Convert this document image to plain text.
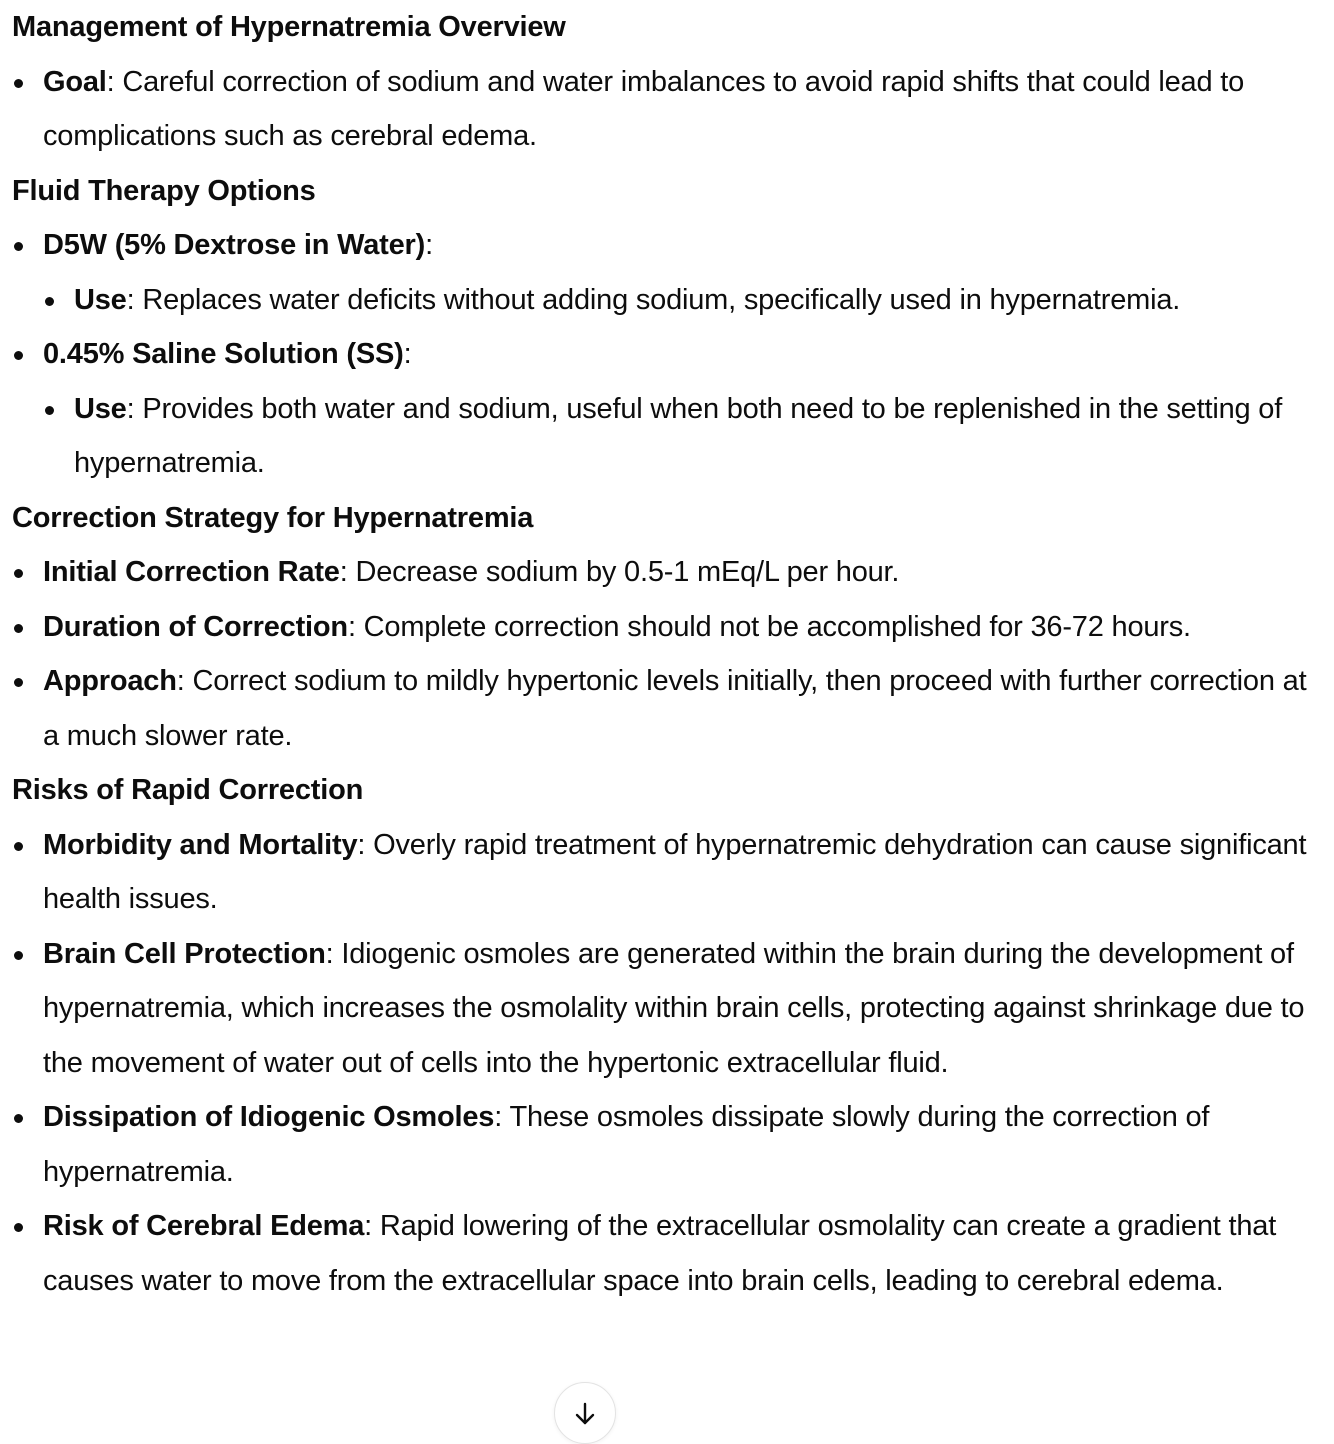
Management of Hypernatremia Overview

Goal: Careful correction of sodium and water imbalances to avoid rapid shifts that could lead to complications such as cerebral edema.

Fluid Therapy Options

D5W (5% Dextrose in Water):
Use: Replaces water deficits without adding sodium, specifically used in hypernatremia.
0.45% Saline Solution (SS):
Use: Provides both water and sodium, useful when both need to be replenished in the setting of hypernatremia.

Correction Strategy for Hypernatremia

Initial Correction Rate: Decrease sodium by 0.5-1 mEq/L per hour.
Duration of Correction: Complete correction should not be accomplished for 36-72 hours.
Approach: Correct sodium to mildly hypertonic levels initially, then proceed with further correction at a much slower rate.

Risks of Rapid Correction

Morbidity and Mortality: Overly rapid treatment of hypernatremic dehydration can cause significant health issues.
Brain Cell Protection: Idiogenic osmoles are generated within the brain during the development of hypernatremia, which increases the osmolality within brain cells, protecting against shrinkage due to the movement of water out of cells into the hypertonic extracellular fluid.
Dissipation of Idiogenic Osmoles: These osmoles dissipate slowly during the correction of hypernatremia.
Risk of Cerebral Edema: Rapid lowering of the extracellular osmolality can create a gradient that causes water to move from the extracellular space into brain cells, leading to cerebral edema.
